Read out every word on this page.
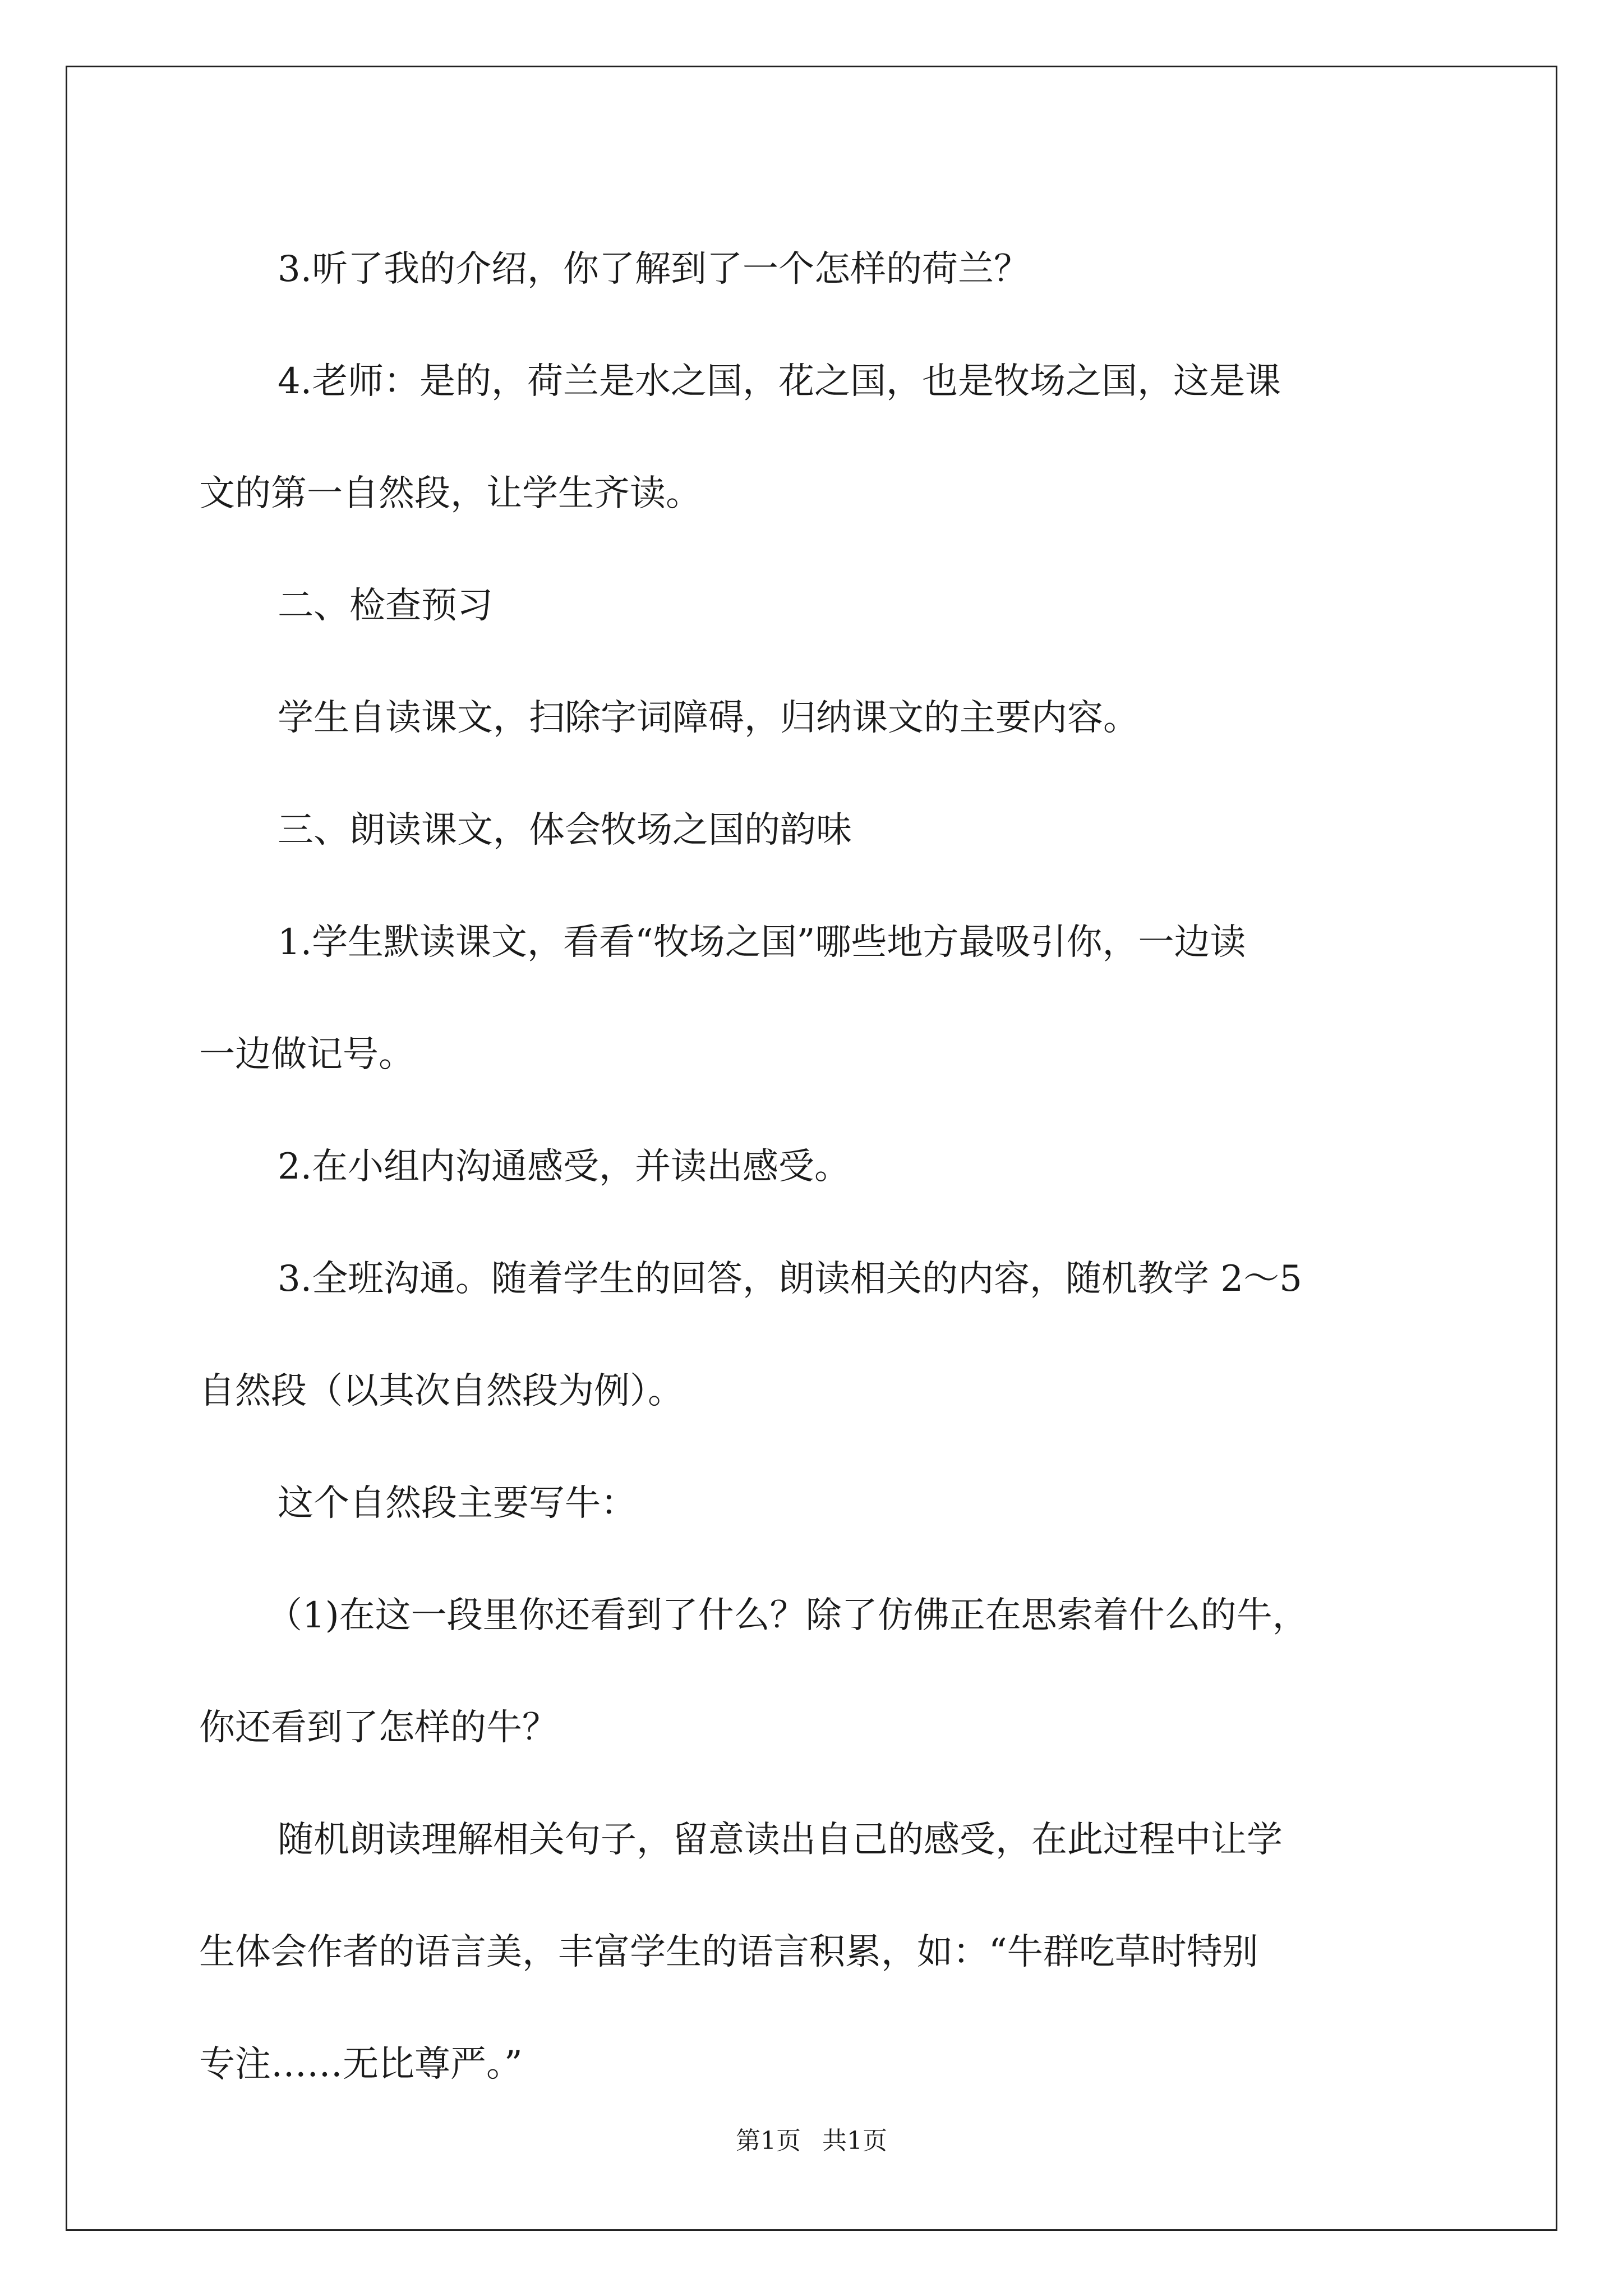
3.听了我的介绍，你了解到了一个怎样的荷兰？

4.老师：是的，荷兰是水之国，花之国，也是牧场之国，这是课

文的第一自然段，让学生齐读。

二、检查预习

学生自读课文，扫除字词障碍，归纳课文的主要内容。

三、朗读课文，体会牧场之国的韵味

1.学生默读课文，看看“牧场之国”哪些地方最吸引你，一边读

一边做记号。

2.在小组内沟通感受，并读出感受。

3.全班沟通。随着学生的回答，朗读相关的内容，随机教学 2～5

自然段（以其次自然段为例）。

这个自然段主要写牛：

（1)在这一段里你还看到了什么？除了仿佛正在思索着什么的牛，

你还看到了怎样的牛？

随机朗读理解相关句子，留意读出自己的感受，在此过程中让学

生体会作者的语言美，丰富学生的语言积累，如：“牛群吃草时特别

专注……无比尊严。”

第1页 共1页
